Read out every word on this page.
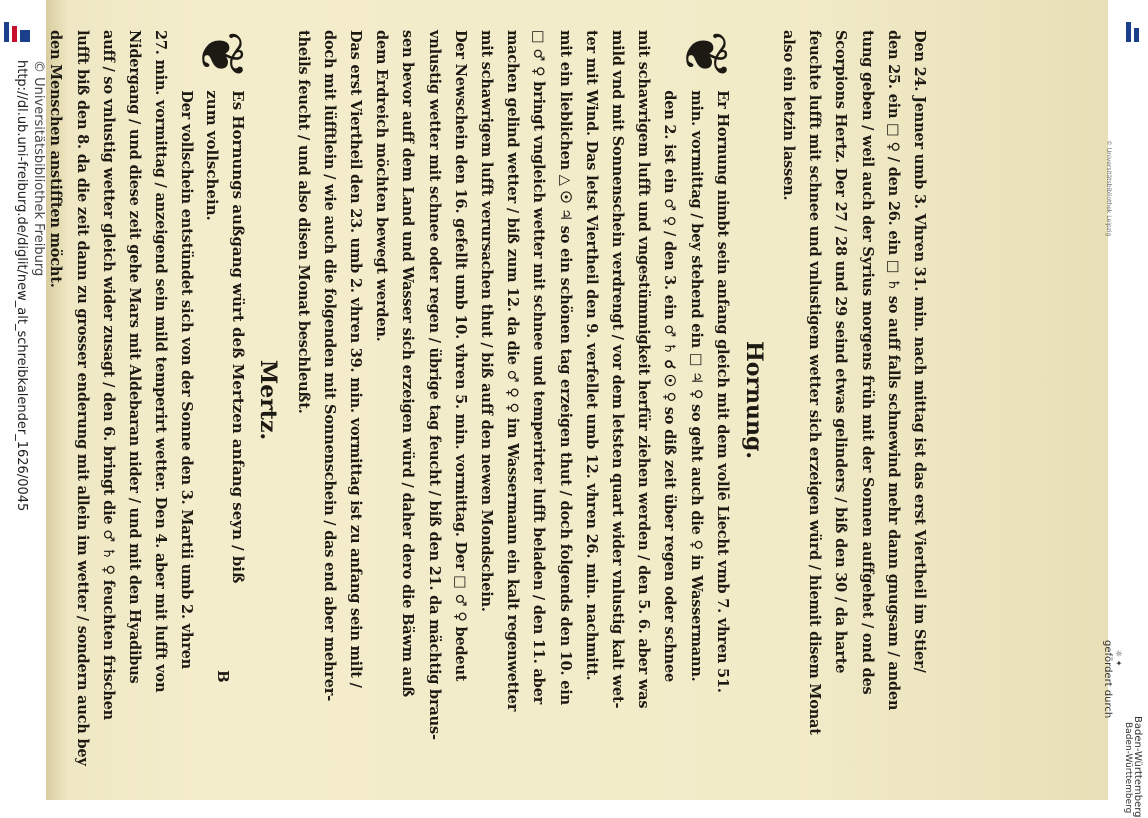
http://dl.ub.uni-freiburg.de/diglit/new_alt_schreibkalender_1626/0045 © Universitätsbibliothek Freiburg	Den 24. Jenner umb 3. Vhren 31. min. nach mittag ist das erst Viertheil im Stier/
den 25. ein □ ♀ / den 26. ein □ ♄ so auff falls schnewind mehr dann gnugsam / anden
tung geben / weil auch der Syrius morgens früh mit der Sonnen auffgehet / ond des
Scorpions Hertz. Der 27 / 28 und 29 seind etwas gelinders / biß den 30 / da harte
feuchte lufft mit schnee und vnlustigem wetter sich erzeigen würd / hiemit disem Monat
also ein letzin lassen.
Hornung.
❦
Er Hornung nimbt sein anfang gleich mit dem vollē Liecht vmb 7. vhren 51.
min. vormittag / bey stehend ein □ ♃ ♀ so geht auch die ♀ in Wassermann.
den 2. ist ein ♂ ♀ / den 3. ein ♂ ♄ ☌ ☉ ♀ so diß zeit über regen oder schnee
mit schawrigem lufft und vngestümmigkeit herfür ziehen werden / den 5. 6. aber was
mild vnd mit Sonnenschein verdrengt / vor dem letsten quart wider vnlustig kalt wet-
ter mit Wind. Das letst Viertheil den 9. verfellet umb 12. vhren 26. min. nachmitt.
mit ein lieblichen △ ☉ ♃ so ein schönen tag erzeigen thut / doch folgends den 10. ein
□ ♂ ♀ bringt vngleich wetter mit schnee und temperirter lufft beladen / den 11. aber
machen gelind wetter / biß zum 12. da die ♂ ♀ ♀ im Wassermann ein kalt regenwetter
mit schawrigem lufft verursachen thut / biß auff den newen Mondschein.
Der Newschein den 16. gefellt umb 10. vhren 5. min. vormittag. Der □ ♂ ♀ bedeut
vnlustig wetter mit schnee oder regen / übrige tag feucht / biß den 21. da mächtig braus-
sen bevor auff dem Land und Wasser sich erzeigen würd / daher dero die Bäwm auß
dem Erdreich möchten bewegt werden.
Das erst Viertheil den 23. umb 2. vhren 39. min. vormittag ist zu anfang sein milt /
doch mit lüfftlein / wie auch die folgenden mit Sonnenschein / das end aber mehrer-
theils feucht / und also disen Monat beschleußt.
Mertz.
❦
Es Hornungs außgang würt deß Mertzen anfang seyn / biß
zum vollschein.
Der vollschein entstündet sich von der Sonne den 3. Martii umb 2. vhren
27. min. vormittag / anzeigend sein mild temperirt wetter. Den 4. aber mit lufft von
Nidergang / und diese zeit gehe Mars mit Aldebaran nider / und mit den Hyadibus
auff / so vnlustig wetter gleich wider zusagt / den 6. bringt die ♂ ♄ ♀ feuchten frischen
lufft biß den 8. da die zeit dann zu grosser enderung mit allein im wetter / sondern auch bey
den Menschen anstifften möcht.
B
© Universitätsbibliothek Leipzig
gefördert durch ☼ ✦
Baden-Württemberg Baden-Württemberg
